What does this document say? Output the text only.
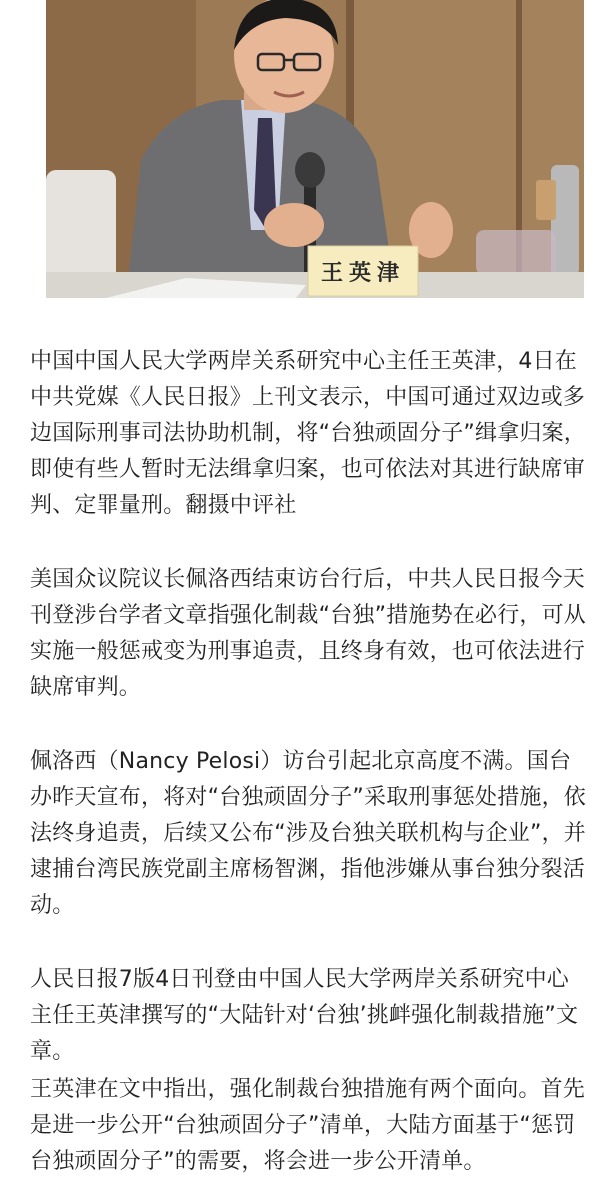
王英津
中国中国人民大学两岸关系研究中心主任王英津，4日在中共党媒《人民日报》上刊文表示，中国可通过双边或多边国际刑事司法协助机制，将“台独顽固分子”缉拿归案，即使有些人暂时无法缉拿归案，也可依法对其进行缺席审判、定罪量刑。翻摄中评社
美国众议院议长佩洛西结束访台行后，中共人民日报今天刊登涉台学者文章指强化制裁“台独”措施势在必行，可从实施一般惩戒变为刑事追责，且终身有效，也可依法进行缺席审判。
佩洛西（Nancy Pelosi）访台引起北京高度不满。国台办昨天宣布，将对“台独顽固分子”采取刑事惩处措施，依法终身追责，后续又公布“涉及台独关联机构与企业”，并逮捕台湾民族党副主席杨智渊，指他涉嫌从事台独分裂活动。
人民日报7版4日刊登由中国人民大学两岸关系研究中心主任王英津撰写的“大陆针对‘台独’挑衅强化制裁措施”文章。
王英津在文中指出，强化制裁台独措施有两个面向。首先是进一步公开“台独顽固分子”清单，大陆方面基于“惩罚台独顽固分子”的需要，将会进一步公开清单。
